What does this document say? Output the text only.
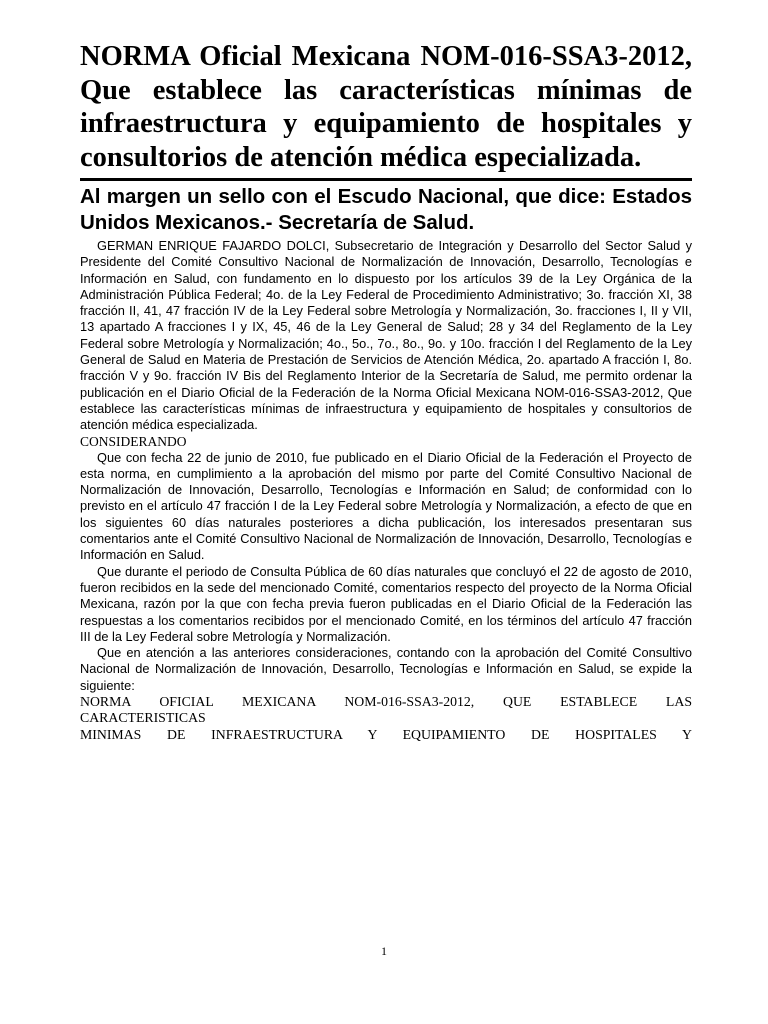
NORMA Oficial Mexicana NOM-016-SSA3-2012, Que establece las características mínimas de infraestructura y equipamiento de hospitales y consultorios de atención médica especializada.

Al margen un sello con el Escudo Nacional, que dice: Estados Unidos Mexicanos.- Secretaría de Salud.

GERMAN ENRIQUE FAJARDO DOLCI, Subsecretario de Integración y Desarrollo del Sector Salud y Presidente del Comité Consultivo Nacional de Normalización de Innovación, Desarrollo, Tecnologías e Información en Salud, con fundamento en lo dispuesto por los artículos 39 de la Ley Orgánica de la Administración Pública Federal; 4o. de la Ley Federal de Procedimiento Administrativo; 3o. fracción XI, 38 fracción II, 41, 47 fracción IV de la Ley Federal sobre Metrología y Normalización, 3o. fracciones I, II y VII, 13 apartado A fracciones I y IX, 45, 46 de la Ley General de Salud; 28 y 34 del Reglamento de la Ley Federal sobre Metrología y Normalización; 4o., 5o., 7o., 8o., 9o. y 10o. fracción I del Reglamento de la Ley General de Salud en Materia de Prestación de Servicios de Atención Médica, 2o. apartado A fracción I, 8o. fracción V y 9o. fracción IV Bis del Reglamento Interior de la Secretaría de Salud, me permito ordenar la publicación en el Diario Oficial de la Federación de la Norma Oficial Mexicana NOM-016-SSA3-2012, Que establece las características mínimas de infraestructura y equipamiento de hospitales y consultorios de atención médica especializada.

CONSIDERANDO

Que con fecha 22 de junio de 2010, fue publicado en el Diario Oficial de la Federación el Proyecto de esta norma, en cumplimiento a la aprobación del mismo por parte del Comité Consultivo Nacional de Normalización de Innovación, Desarrollo, Tecnologías e Información en Salud; de conformidad con lo previsto en el artículo 47 fracción I de la Ley Federal sobre Metrología y Normalización, a efecto de que en los siguientes 60 días naturales posteriores a dicha publicación, los interesados presentaran sus comentarios ante el Comité Consultivo Nacional de Normalización de Innovación, Desarrollo, Tecnologías e Información en Salud.

Que durante el periodo de Consulta Pública de 60 días naturales que concluyó el 22 de agosto de 2010, fueron recibidos en la sede del mencionado Comité, comentarios respecto del proyecto de la Norma Oficial Mexicana, razón por la que con fecha previa fueron publicadas en el Diario Oficial de la Federación las respuestas a los comentarios recibidos por el mencionado Comité, en los términos del artículo 47 fracción III de la Ley Federal sobre Metrología y Normalización.

Que en atención a las anteriores consideraciones, contando con la aprobación del Comité Consultivo Nacional de Normalización de Innovación, Desarrollo, Tecnologías e Información en Salud, se expide la siguiente:

NORMA OFICIAL MEXICANA NOM-016-SSA3-2012, QUE ESTABLECE LAS

CARACTERISTICAS

MINIMAS DE INFRAESTRUCTURA Y EQUIPAMIENTO DE HOSPITALES Y

1
